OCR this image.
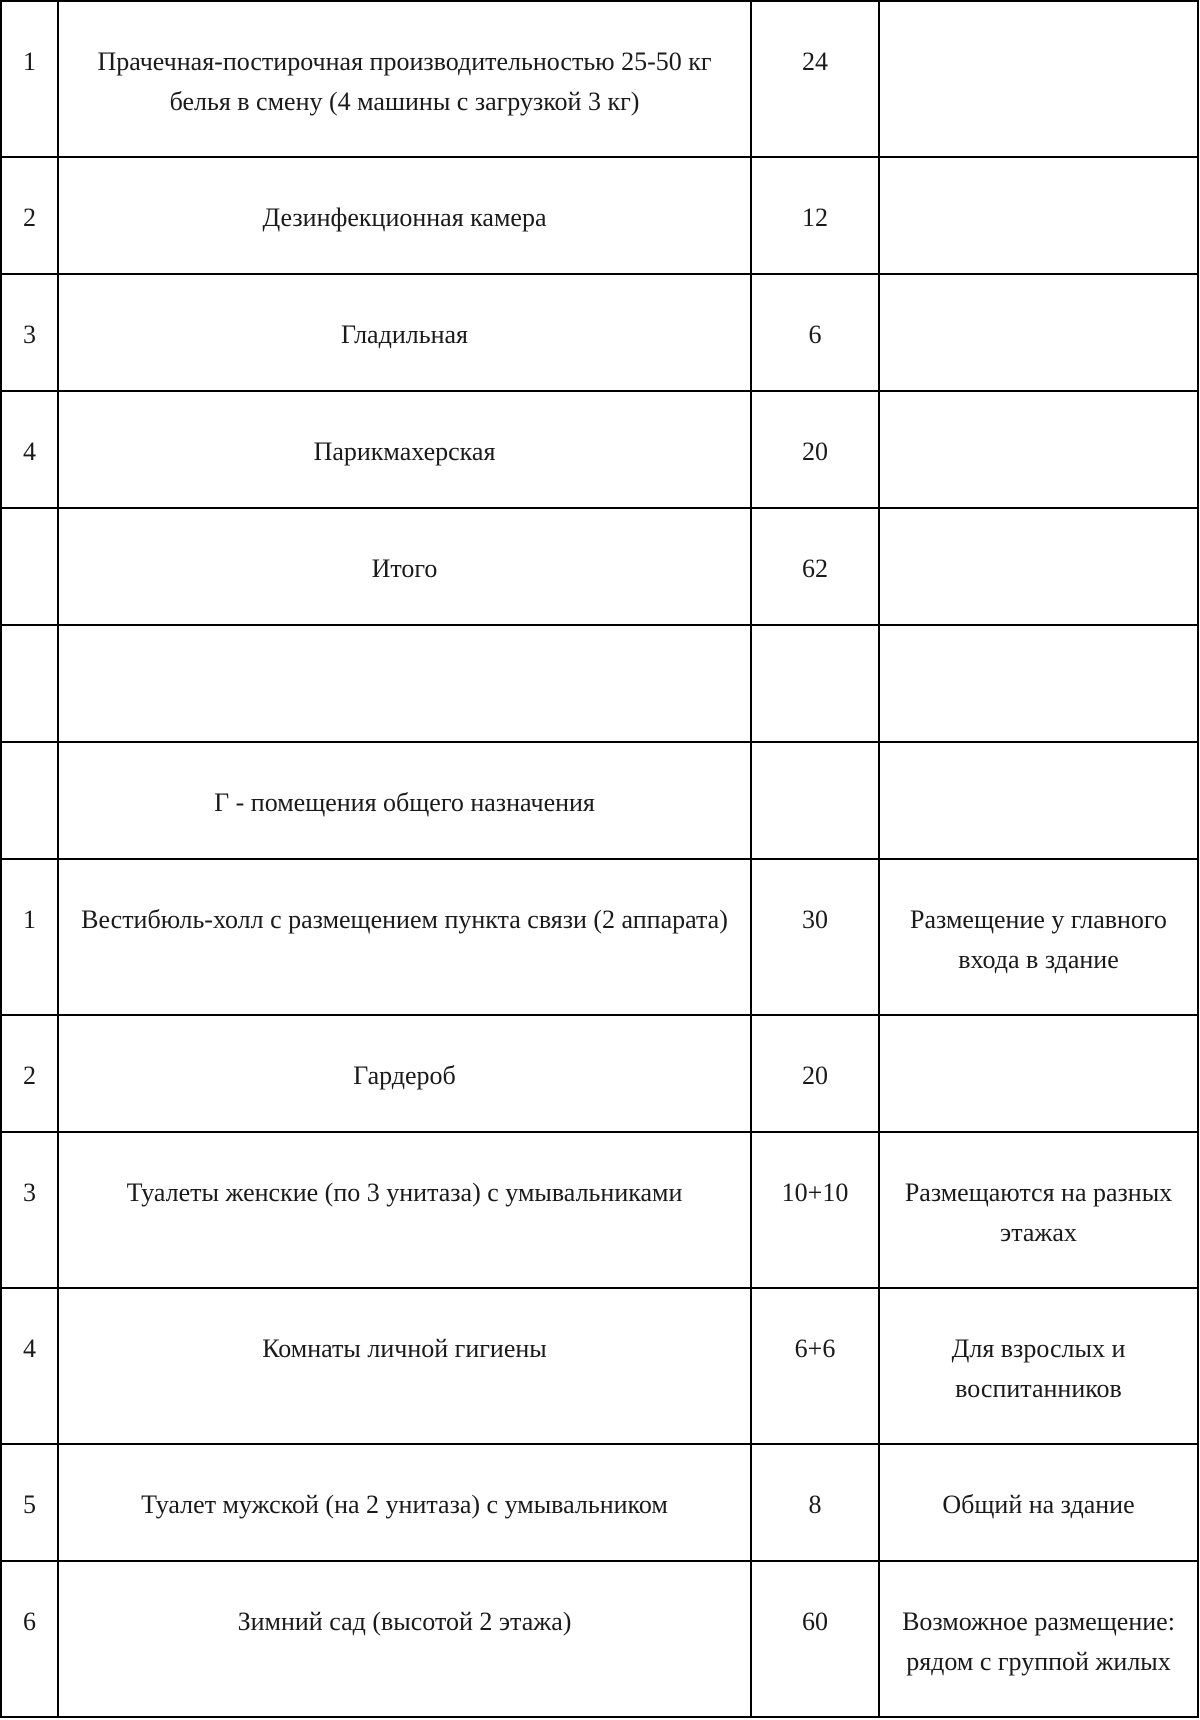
1	Прачечная-постирочная производительностью 25-50 кг белья в смену (4 машины с загрузкой 3 кг)	24	
2	Дезинфекционная камера	12	
3	Гладильная	6	
4	Парикмахерская	20	
	Итого	62	

	Г - помещения общего назначения		
1	Вестибюль-холл с размещением пункта связи (2 аппарата)	30	Размещение у главного входа в здание
2	Гардероб	20	
3	Туалеты женские (по 3 унитаза) с умывальниками	10+10	Размещаются на разных этажах
4	Комнаты личной гигиены	6+6	Для взрослых и воспитанников
5	Туалет мужской (на 2 унитаза) с умывальником	8	Общий на здание
6	Зимний сад (высотой 2 этажа)	60	Возможное размещение: рядом с группой жилых
